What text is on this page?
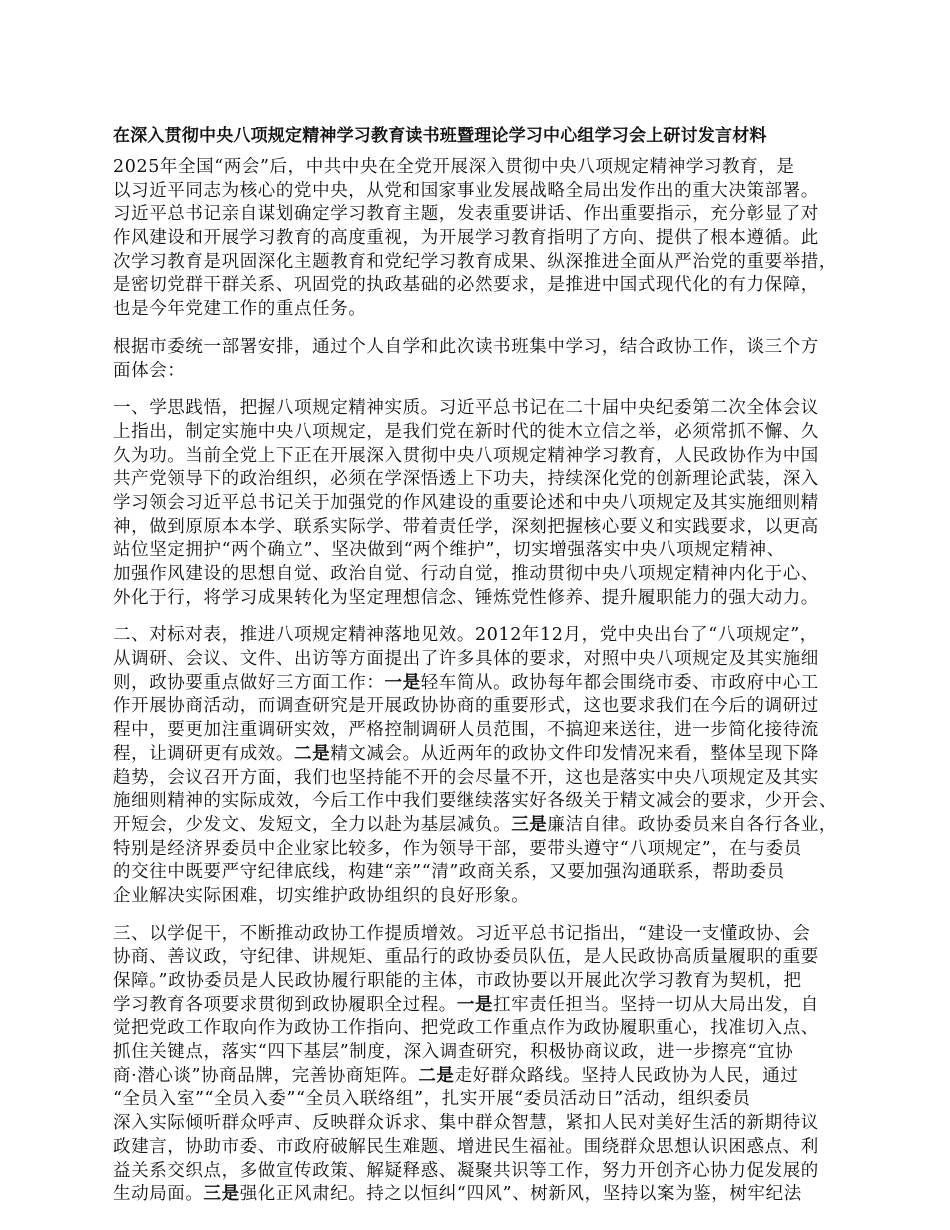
在深入贯彻中央八项规定精神学习教育读书班暨理论学习中心组学习会上研讨发言材料
2025年全国“两会”后，中共中央在全党开展深入贯彻中央八项规定精神学习教育，是
以习近平同志为核心的党中央，从党和国家事业发展战略全局出发作出的重大决策部署。
习近平总书记亲自谋划确定学习教育主题，发表重要讲话、作出重要指示，充分彰显了对
作风建设和开展学习教育的高度重视，为开展学习教育指明了方向、提供了根本遵循。此
次学习教育是巩固深化主题教育和党纪学习教育成果、纵深推进全面从严治党的重要举措，
是密切党群干群关系、巩固党的执政基础的必然要求，是推进中国式现代化的有力保障，
也是今年党建工作的重点任务。
根据市委统一部署安排，通过个人自学和此次读书班集中学习，结合政协工作，谈三个方
面体会：
一、学思践悟，把握八项规定精神实质。习近平总书记在二十届中央纪委第二次全体会议
上指出，制定实施中央八项规定，是我们党在新时代的徙木立信之举，必须常抓不懈、久
久为功。当前全党上下正在开展深入贯彻中央八项规定精神学习教育，人民政协作为中国
共产党领导下的政治组织，必须在学深悟透上下功夫，持续深化党的创新理论武装，深入
学习领会习近平总书记关于加强党的作风建设的重要论述和中央八项规定及其实施细则精
神，做到原原本本学、联系实际学、带着责任学，深刻把握核心要义和实践要求，以更高
站位坚定拥护“两个确立”、坚决做到“两个维护”，切实增强落实中央八项规定精神、
加强作风建设的思想自觉、政治自觉、行动自觉，推动贯彻中央八项规定精神内化于心、
外化于行，将学习成果转化为坚定理想信念、锤炼党性修养、提升履职能力的强大动力。
二、对标对表，推进八项规定精神落地见效。2012年12月，党中央出台了“八项规定”，
从调研、会议、文件、出访等方面提出了许多具体的要求，对照中央八项规定及其实施细
则，政协要重点做好三方面工作：一是轻车简从。政协每年都会围绕市委、市政府中心工
作开展协商活动，而调查研究是开展政协协商的重要形式，这也要求我们在今后的调研过
程中，要更加注重调研实效，严格控制调研人员范围，不搞迎来送往，进一步简化接待流
程，让调研更有成效。二是精文减会。从近两年的政协文件印发情况来看，整体呈现下降
趋势，会议召开方面，我们也坚持能不开的会尽量不开，这也是落实中央八项规定及其实
施细则精神的实际成效，今后工作中我们要继续落实好各级关于精文减会的要求，少开会、
开短会，少发文、发短文，全力以赴为基层减负。三是廉洁自律。政协委员来自各行各业，
特别是经济界委员中企业家比较多，作为领导干部，要带头遵守“八项规定”，在与委员
的交往中既要严守纪律底线，构建“亲”“清”政商关系，又要加强沟通联系，帮助委员
企业解决实际困难，切实维护政协组织的良好形象。
三、以学促干，不断推动政协工作提质增效。习近平总书记指出，“建设一支懂政协、会
协商、善议政，守纪律、讲规矩、重品行的政协委员队伍，是人民政协高质量履职的重要
保障。”政协委员是人民政协履行职能的主体，市政协要以开展此次学习教育为契机，把
学习教育各项要求贯彻到政协履职全过程。一是扛牢责任担当。坚持一切从大局出发，自
觉把党政工作取向作为政协工作指向、把党政工作重点作为政协履职重心，找准切入点、
抓住关键点，落实“四下基层”制度，深入调查研究，积极协商议政，进一步擦亮“宜协
商·潜心谈”协商品牌，完善协商矩阵。二是走好群众路线。坚持人民政协为人民，通过
“全员入室”“全员入委”“全员入联络组”，扎实开展“委员活动日”活动，组织委员
深入实际倾听群众呼声、反映群众诉求、集中群众智慧，紧扣人民对美好生活的新期待议
政建言，协助市委、市政府破解民生难题、增进民生福祉。围绕群众思想认识困惑点、利
益关系交织点，多做宣传政策、解疑释惑、凝聚共识等工作，努力开创齐心协力促发展的
生动局面。三是强化正风肃纪。持之以恒纠“四风”、树新风，坚持以案为鉴，树牢纪法
